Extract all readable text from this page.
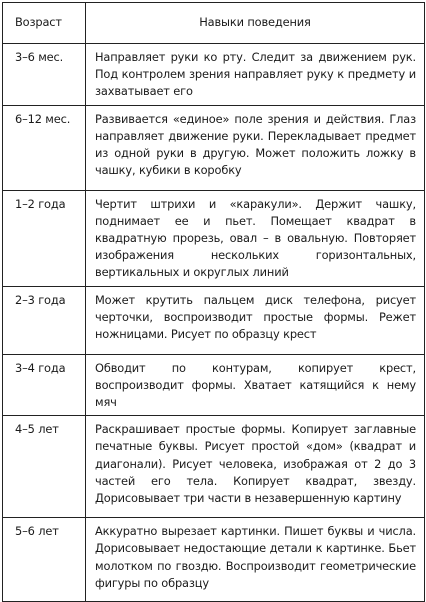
Возраст	Навыки поведения
3–6 мес.	Направляет руки ко рту. Следит за движением рук. Под контролем зрения направляет руку к предмету и захватывает его
6–12 мес.	Развивается «единое» поле зрения и действия. Глаз направляет движение руки. Перекладывает предмет из одной руки в другую. Может положить ложку в чашку, кубики в коробку
1–2 года	Чертит штрихи и «каракули». Держит чашку, поднимает ее и пьет. Помещает квадрат в квадратную прорезь, овал – в овальную. Повторяет изображения нескольких горизонтальных, вертикальных и округлых линий
2–3 года	Может крутить пальцем диск телефона, рисует черточки, воспроизводит простые формы. Режет ножницами. Рисует по образцу крест
3–4 года	Обводит по контурам, копирует крест, воспроизводит формы. Хватает катящийся к нему мяч
4–5 лет	Раскрашивает простые формы. Копирует заглавные печатные буквы. Рисует простой «дом» (квадрат и диагонали). Рисует человека, изображая от 2 до 3 частей его тела. Копирует квадрат, звезду. Дорисовывает три части в незавершенную картину
5–6 лет	Аккуратно вырезает картинки. Пишет буквы и числа. Дорисовывает недостающие детали к картинке. Бьет молотком по гвоздю. Воспроизводит геометрические фигуры по образцу
